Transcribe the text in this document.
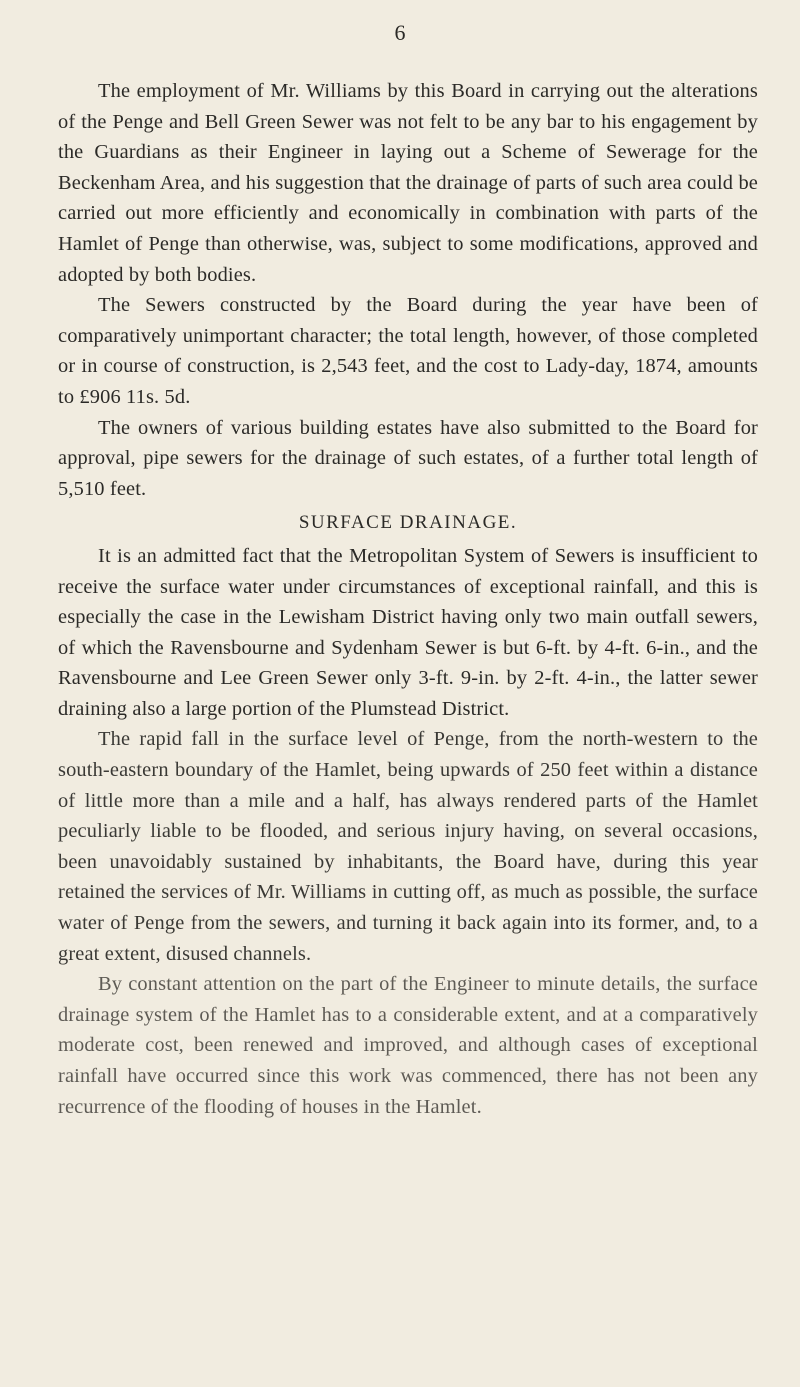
6

The employment of Mr. Williams by this Board in carrying out the alterations of the Penge and Bell Green Sewer was not felt to be any bar to his engagement by the Guardians as their Engineer in laying out a Scheme of Sewerage for the Beckenham Area, and his suggestion that the drainage of parts of such area could be carried out more efficiently and economically in combination with parts of the Hamlet of Penge than otherwise, was, subject to some modifications, approved and adopted by both bodies.

The Sewers constructed by the Board during the year have been of comparatively unimportant character; the total length, however, of those completed or in course of construction, is 2,543 feet, and the cost to Lady-day, 1874, amounts to £906 11s. 5d.

The owners of various building estates have also submitted to the Board for approval, pipe sewers for the drainage of such estates, of a further total length of 5,510 feet.

SURFACE DRAINAGE.

It is an admitted fact that the Metropolitan System of Sewers is insufficient to receive the surface water under circumstances of exceptional rainfall, and this is especially the case in the Lewisham District having only two main outfall sewers, of which the Ravensbourne and Sydenham Sewer is but 6-ft. by 4-ft. 6-in., and the Ravensbourne and Lee Green Sewer only 3-ft. 9-in. by 2-ft. 4-in., the latter sewer draining also a large portion of the Plumstead District.

The rapid fall in the surface level of Penge, from the north-western to the south-eastern boundary of the Hamlet, being upwards of 250 feet within a distance of little more than a mile and a half, has always rendered parts of the Hamlet peculiarly liable to be flooded, and serious injury having, on several occasions, been unavoidably sustained by inhabitants, the Board have, during this year retained the services of Mr. Williams in cutting off, as much as possible, the surface water of Penge from the sewers, and turning it back again into its former, and, to a great extent, disused channels.

By constant attention on the part of the Engineer to minute details, the surface drainage system of the Hamlet has to a considerable extent, and at a comparatively moderate cost, been renewed and improved, and although cases of exceptional rainfall have occurred since this work was commenced, there has not been any recurrence of the flooding of houses in the Hamlet.
